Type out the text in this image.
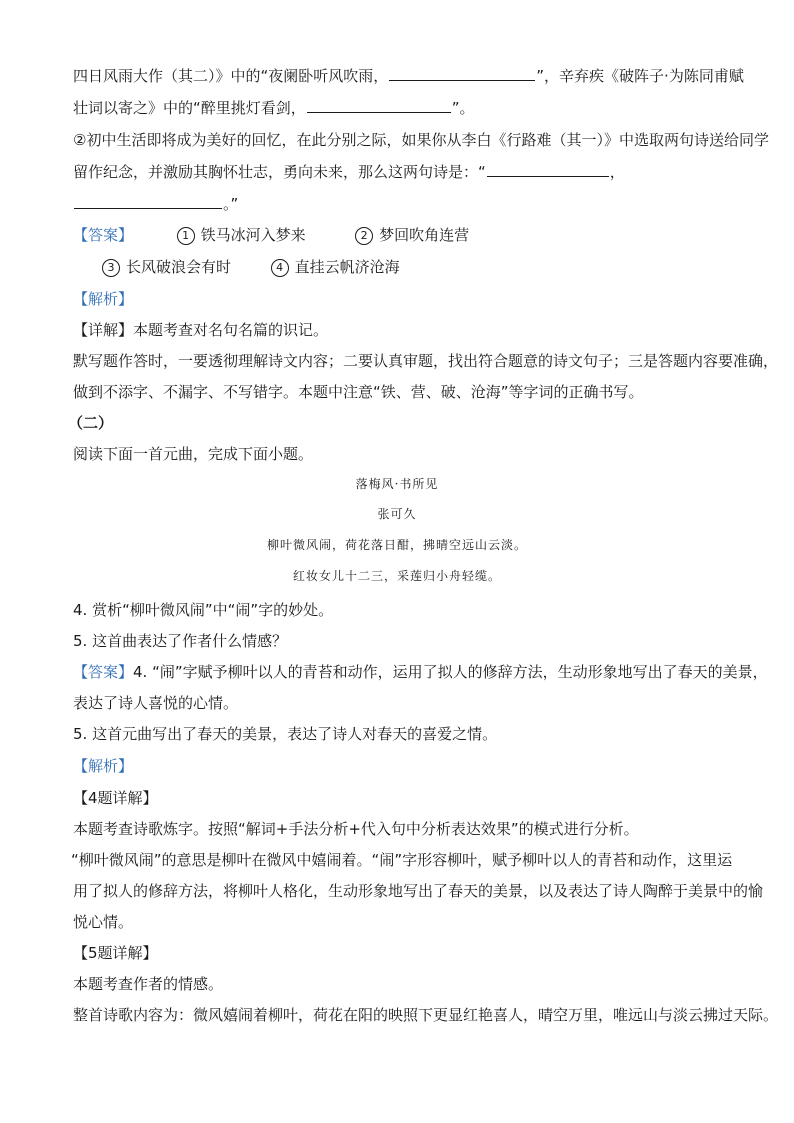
四日风雨大作（其二）》中的“夜阑卧听风吹雨，	”，辛弃疾《破阵子·为陈同甫赋
壮词以寄之》中的“醉里挑灯看剑，	”。
②初中生活即将成为美好的回忆，在此分别之际，如果你从李白《行路难（其一）》中选取两句诗送给同学
留作纪念，并激励其胸怀壮志，勇向未来，那么这两句诗是：“	，
。”
【答案】	1 铁马冰河入梦来	2 梦回吹角连营
3 长风破浪会有时	4 直挂云帆济沧海
【解析】
【详解】本题考查对名句名篇的识记。
默写题作答时，一要透彻理解诗文内容；二要认真审题，找出符合题意的诗文句子；三是答题内容要准确，
做到不添字、不漏字、不写错字。本题中注意“铁、营、破、沧海”等字词的正确书写。
（二）
阅读下面一首元曲，完成下面小题。
落梅风·书所见
张可久
柳叶微风闹，荷花落日酣，拂晴空远山云淡。
红妆女儿十二三，采莲归小舟轻缆。
4. 赏析“柳叶微风闹”中“闹”字的妙处。
5. 这首曲表达了作者什么情感？
【答案】4. “闹”字赋予柳叶以人的青苔和动作，运用了拟人的修辞方法，生动形象地写出了春天的美景，
表达了诗人喜悦的心情。
5. 这首元曲写出了春天的美景，表达了诗人对春天的喜爱之情。
【解析】
【4题详解】
本题考查诗歌炼字。按照“解词+手法分析+代入句中分析表达效果”的模式进行分析。
“柳叶微风闹”的意思是柳叶在微风中嬉闹着。“闹”字形容柳叶，赋予柳叶以人的青苔和动作，这里运
用了拟人的修辞方法，将柳叶人格化，生动形象地写出了春天的美景，以及表达了诗人陶醉于美景中的愉
悦心情。
【5题详解】
本题考查作者的情感。
整首诗歌内容为：微风嬉闹着柳叶，荷花在阳的映照下更显红艳喜人，晴空万里，唯远山与淡云拂过天际。
